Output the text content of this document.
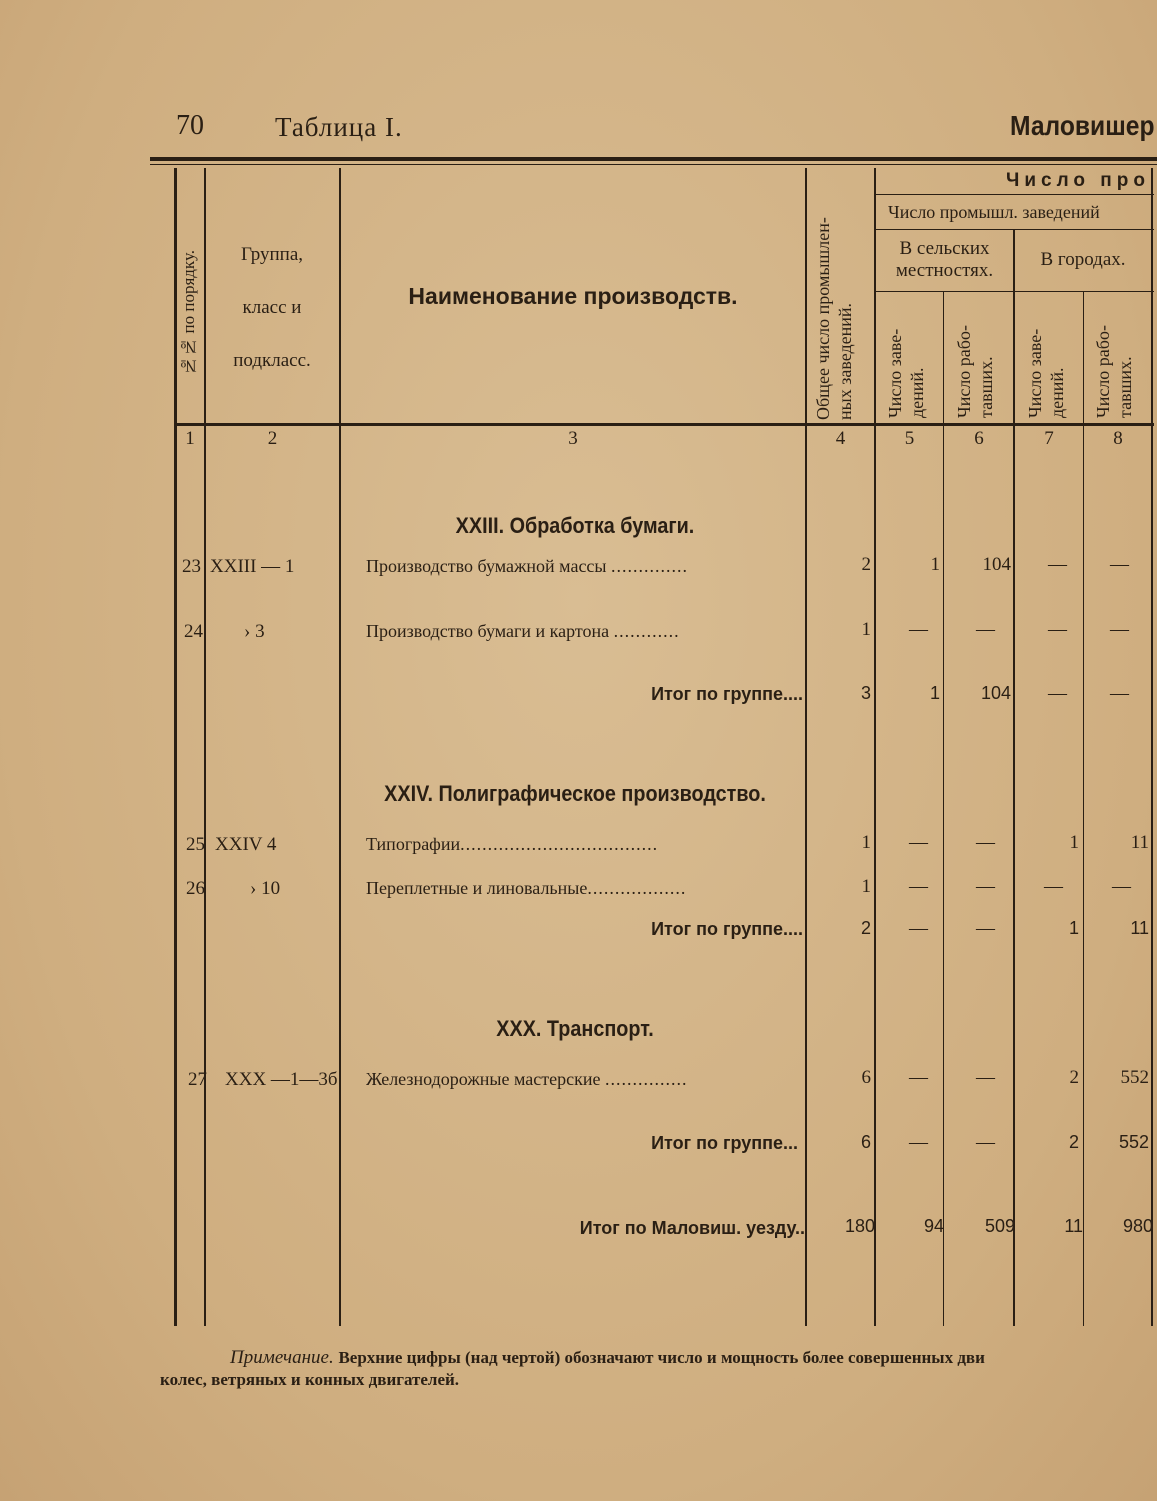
70	Таблица I.	Маловишер
№№ по порядку.	Группа,
класс и
подкласс.
Наименование производств.	Общее число промышлен- ных заведений.
Число про
Число промышл. заведений
В сельских
местностях.
В городах.
Число заве- дений. Число рабо- тавших. Число заве- дений. Число рабо- тавших.
1	2	3	4	5	6	7	8
XXIII. Обработка бумаги.
23 XXIII — 1	Производство бумажной массы ..............	2	1	104	—	—
24 › 3	Производство бумаги и картона ............	1	—	—	—	—
Итог по группе....	3	1	104	—	—
XXIV. Полиграфическое производство.
25 XXIV 4	Типографии....................................	1	—	—	1	11
26 › 10	Переплетные и линовальные..................	1	—	—	—	—
Итог по группе....	2	—	—	1	11
XXX. Транспорт.
27 XXX —1—3б Железнодорожные мастерские ...............	6	—	—	2	552
Итог по группе...	6	—	—	2	552
Итог по Маловиш. уезду..	180	94	509	11	980
Примечание. Верхние цифры (над чертой) обозначают число и мощность более совершенных дви
колес, ветряных и конных двигателей.
